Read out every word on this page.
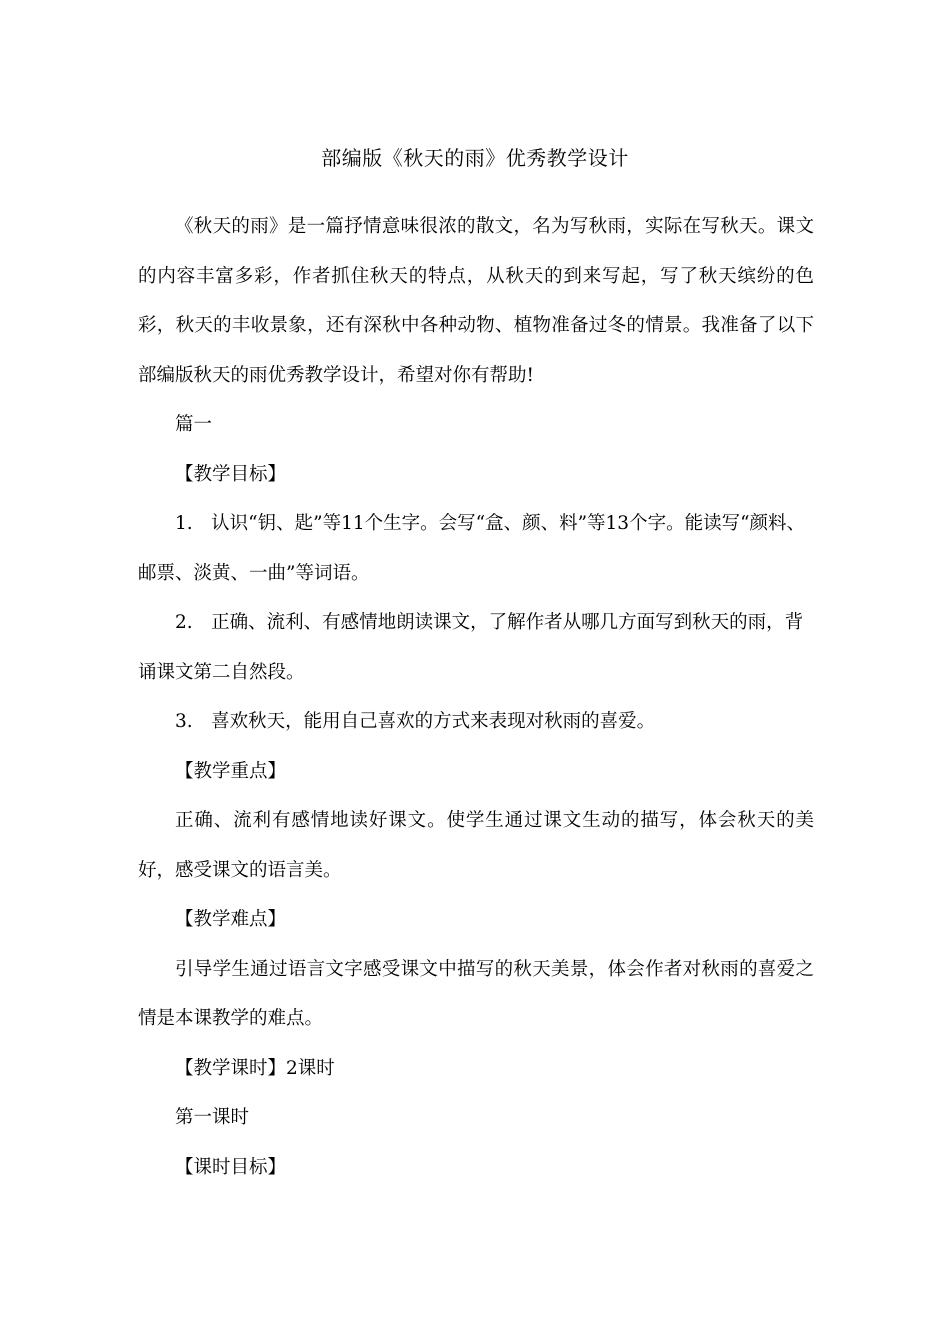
部编版《秋天的雨》优秀教学设计

《秋天的雨》是一篇抒情意味很浓的散文，名为写秋雨，实际在写秋天。课文的内容丰富多彩，作者抓住秋天的特点，从秋天的到来写起，写了秋天缤纷的色彩，秋天的丰收景象，还有深秋中各种动物、植物准备过冬的情景。我准备了以下部编版秋天的雨优秀教学设计，希望对你有帮助!

篇一

【教学目标】

1.　认识“钥、匙”等11个生字。会写“盒、颜、料”等13个字。能读写“颜料、邮票、淡黄、一曲”等词语。

2.　正确、流利、有感情地朗读课文，了解作者从哪几方面写到秋天的雨，背诵课文第二自然段。

3.　喜欢秋天，能用自己喜欢的方式来表现对秋雨的喜爱。

【教学重点】

正确、流利有感情地读好课文。使学生通过课文生动的描写，体会秋天的美好，感受课文的语言美。

【教学难点】

引导学生通过语言文字感受课文中描写的秋天美景，体会作者对秋雨的喜爱之情是本课教学的难点。

【教学课时】2课时

第一课时

【课时目标】
